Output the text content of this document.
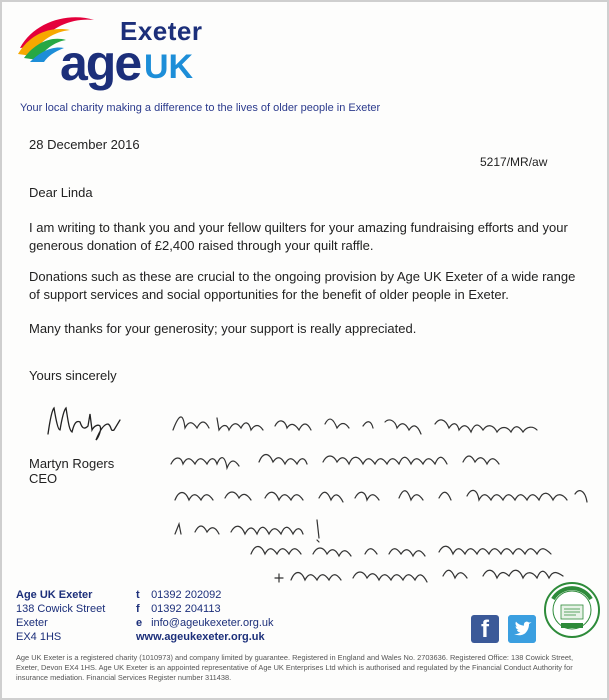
Exeter
age UK
Your local charity making a difference to the lives of older people in Exeter
28 December 2016
5217/MR/aw
Dear Linda
I am writing to thank you and your fellow quilters for your amazing fundraising efforts and your generous donation of £2,400 raised through your quilt raffle.
Donations such as these are crucial to the ongoing provision by Age UK Exeter of a wide range of support services and social opportunities for the benefit of older people in Exeter.
Many thanks for your generosity; your support is really appreciated.
Yours sincerely
Martyn Rogers
CEO
Age UK Exeter
138 Cowick Street
Exeter
EX4 1HS
t 01392 202092
f 01392 204113
e info@ageukexeter.org.uk
www.ageukexeter.org.uk	f
Age UK Exeter is a registered charity (1010973) and company limited by guarantee. Registered in England and Wales No. 2703636. Registered Office: 138 Cowick Street, Exeter, Devon EX4 1HS. Age UK Exeter is an appointed representative of Age UK Enterprises Ltd which is authorised and regulated by the Financial Conduct Authority for insurance mediation. Financial Services Register number 311438.
